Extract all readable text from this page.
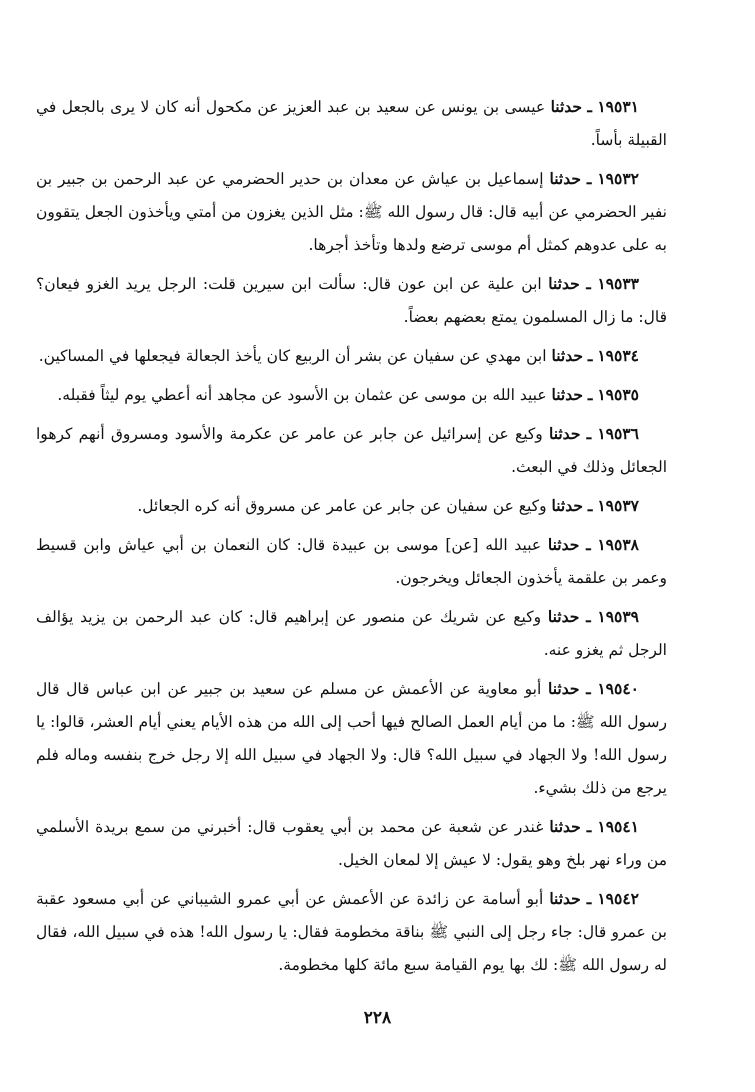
١٩٥٣١ ـ حدثنا عيسى بن يونس عن سعيد بن عبد العزيز عن مكحول أنه كان لا يرى بالجعل في القبيلة بأساً.

١٩٥٣٢ ـ حدثنا إسماعيل بن عياش عن معدان بن حدير الحضرمي عن عبد الرحمن بن جبير بن نفير الحضرمي عن أبيه قال: قال رسول الله ﷺ: مثل الذين يغزون من أمتي ويأخذون الجعل يتقوون به على عدوهم كمثل أم موسى ترضع ولدها وتأخذ أجرها.

١٩٥٣٣ ـ حدثنا ابن علية عن ابن عون قال: سألت ابن سيرين قلت: الرجل يريد الغزو فيعان؟ قال: ما زال المسلمون يمتع بعضهم بعضاً.

١٩٥٣٤ ـ حدثنا ابن مهدي عن سفيان عن بشر أن الربيع كان يأخذ الجعالة فيجعلها في المساكين.

١٩٥٣٥ ـ حدثنا عبيد الله بن موسى عن عثمان بن الأسود عن مجاهد أنه أعطي يوم ليثاً فقبله.

١٩٥٣٦ ـ حدثنا وكيع عن إسرائيل عن جابر عن عامر عن عكرمة والأسود ومسروق أنهم كرهوا الجعائل وذلك في البعث.

١٩٥٣٧ ـ حدثنا وكيع عن سفيان عن جابر عن عامر عن مسروق أنه كره الجعائل.

١٩٥٣٨ ـ حدثنا عبيد الله [عن] موسى بن عبيدة قال: كان النعمان بن أبي عياش وابن قسيط وعمر بن علقمة يأخذون الجعائل ويخرجون.

١٩٥٣٩ ـ حدثنا وكيع عن شريك عن منصور عن إبراهيم قال: كان عبد الرحمن بن يزيد يؤالف الرجل ثم يغزو عنه.

١٩٥٤٠ ـ حدثنا أبو معاوية عن الأعمش عن مسلم عن سعيد بن جبير عن ابن عباس قال قال رسول الله ﷺ: ما من أيام العمل الصالح فيها أحب إلى الله من هذه الأيام يعني أيام العشر، قالوا: يا رسول الله! ولا الجهاد في سبيل الله؟ قال: ولا الجهاد في سبيل الله إلا رجل خرج بنفسه وماله فلم يرجع من ذلك بشيء.

١٩٥٤١ ـ حدثنا غندر عن شعبة عن محمد بن أبي يعقوب قال: أخبرني من سمع بريدة الأسلمي من وراء نهر بلخ وهو يقول: لا عيش إلا لمعان الخيل.

١٩٥٤٢ ـ حدثنا أبو أسامة عن زائدة عن الأعمش عن أبي عمرو الشيباني عن أبي مسعود عقبة بن عمرو قال: جاء رجل إلى النبي ﷺ بناقة مخطومة فقال: يا رسول الله! هذه في سبيل الله، فقال له رسول الله ﷺ: لك بها يوم القيامة سبع مائة كلها مخطومة.

٢٢٨
